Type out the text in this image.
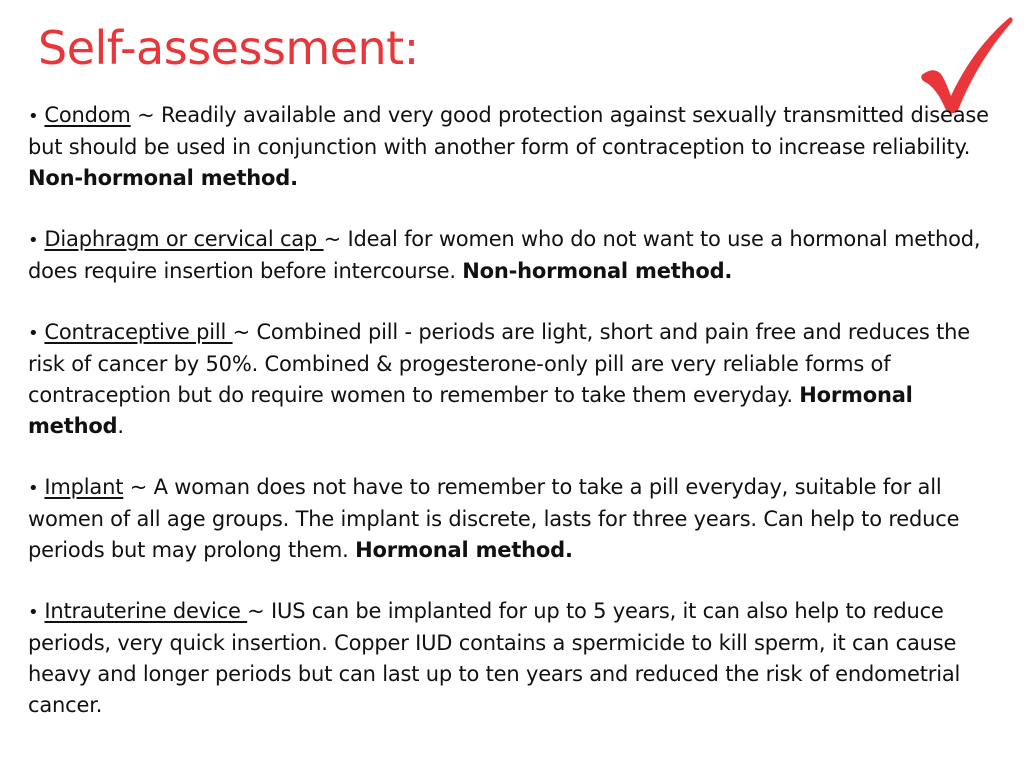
Self-assessment:

• Condom ~ Readily available and very good protection against sexually transmitted disease but should be used in conjunction with another form of contraception to increase reliability. Non-hormonal method.

• Diaphragm or cervical cap ~ Ideal for women who do not want to use a hormonal method, does require insertion before intercourse. Non-hormonal method.

• Contraceptive pill ~ Combined pill - periods are light, short and pain free and reduces the risk of cancer by 50%. Combined & progesterone-only pill are very reliable forms of contraception but do require women to remember to take them everyday. Hormonal method.

• Implant ~ A woman does not have to remember to take a pill everyday, suitable for all women of all age groups. The implant is discrete, lasts for three years. Can help to reduce periods but may prolong them. Hormonal method.

• Intrauterine device ~ IUS can be implanted for up to 5 years, it can also help to reduce periods, very quick insertion. Copper IUD contains a spermicide to kill sperm, it can cause heavy and longer periods but can last up to ten years and reduced the risk of endometrial cancer.
